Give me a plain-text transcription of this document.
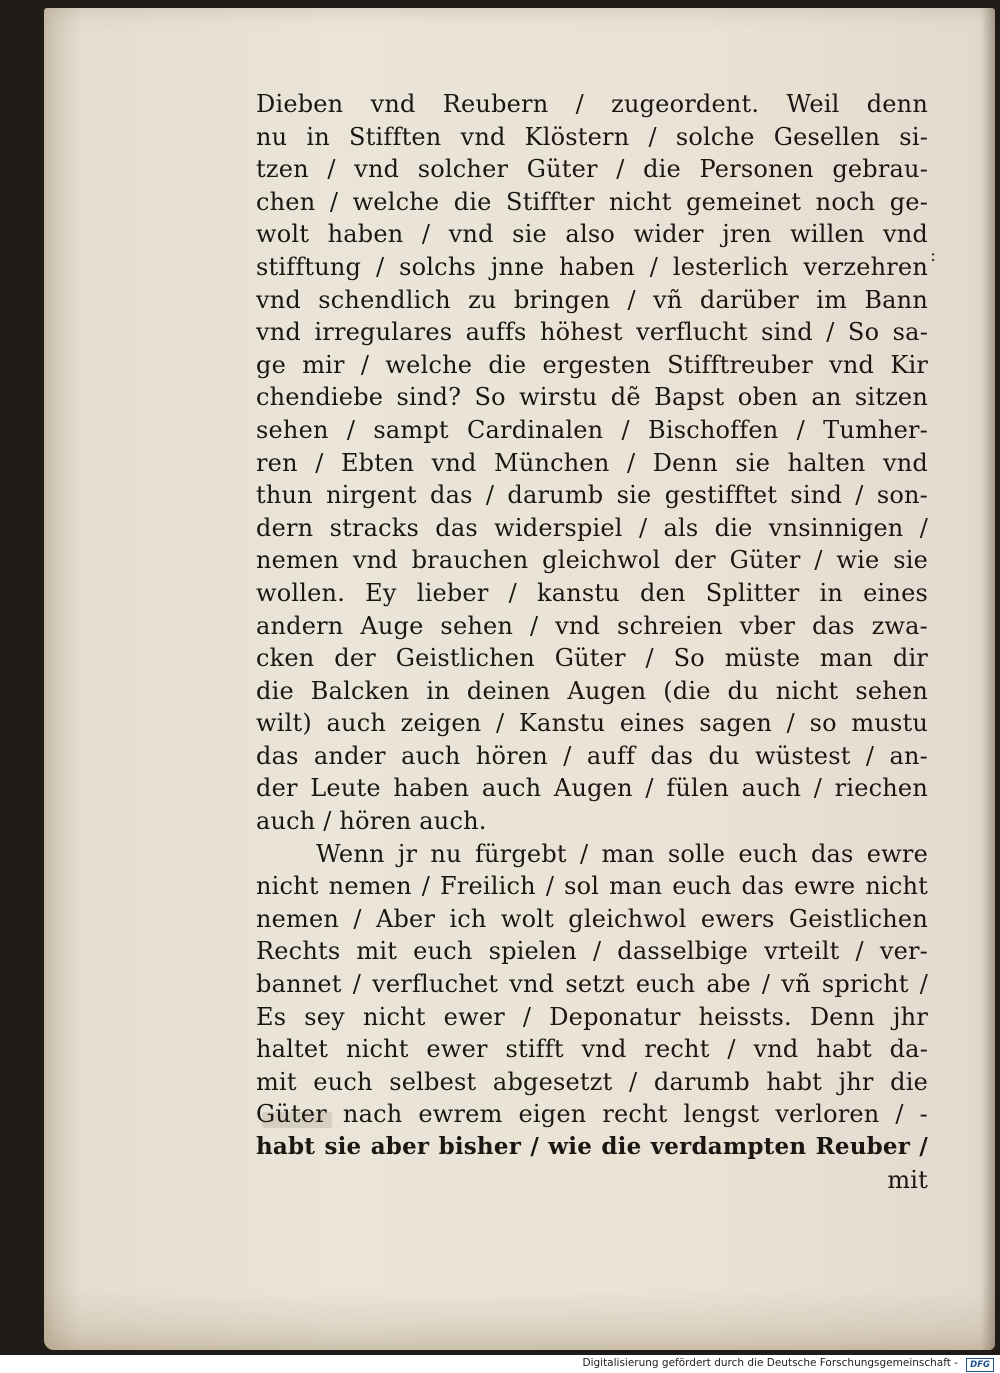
:
Dieben vnd Reubern / zugeordent. Weil denn
nu in Stifften vnd Klöstern / solche Gesellen si-
tzen / vnd solcher Güter / die Personen gebrau-
chen / welche die Stiffter nicht gemeinet noch ge-
wolt haben / vnd sie also wider jren willen vnd
stifftung / solchs jnne haben / lesterlich verzehren
vnd schendlich zu bringen / vñ darüber im Bann
vnd irregulares auffs höhest verflucht sind / So sa-
ge mir / welche die ergesten Stifftreuber vnd Kir
chendiebe sind? So wirstu dẽ Bapst oben an sitzen
sehen / sampt Cardinalen / Bischoffen / Tumher-
ren / Ebten vnd München / Denn sie halten vnd
thun nirgent das / darumb sie gestifftet sind / son-
dern stracks das widerspiel / als die vnsinnigen /
nemen vnd brauchen gleichwol der Güter / wie sie
wollen. Ey lieber / kanstu den Splitter in eines
andern Auge sehen / vnd schreien vber das zwa-
cken der Geistlichen Güter / So müste man dir
die Balcken in deinen Augen (die du nicht sehen
wilt) auch zeigen / Kanstu eines sagen / so mustu
das ander auch hören / auff das du wüstest / an-
der Leute haben auch Augen / fülen auch / riechen
auch / hören auch.
Wenn jr nu fürgebt / man solle euch das ewre
nicht nemen / Freilich / sol man euch das ewre nicht
nemen / Aber ich wolt gleichwol ewers Geistlichen
Rechts mit euch spielen / dasselbige vrteilt / ver-
bannet / verfluchet vnd setzt euch abe / vñ spricht /
Es sey nicht ewer / Deponatur heissts. Denn jhr
haltet nicht ewer stifft vnd recht / vnd habt da-
mit euch selbest abgesetzt / darumb habt jhr die
Güter nach ewrem eigen recht lengst verloren / -
habt sie aber bisher / wie die verdampten Reuber /
mit
Digitalisierung gefördert durch die Deutsche Forschungsgemeinschaft -	DFG
